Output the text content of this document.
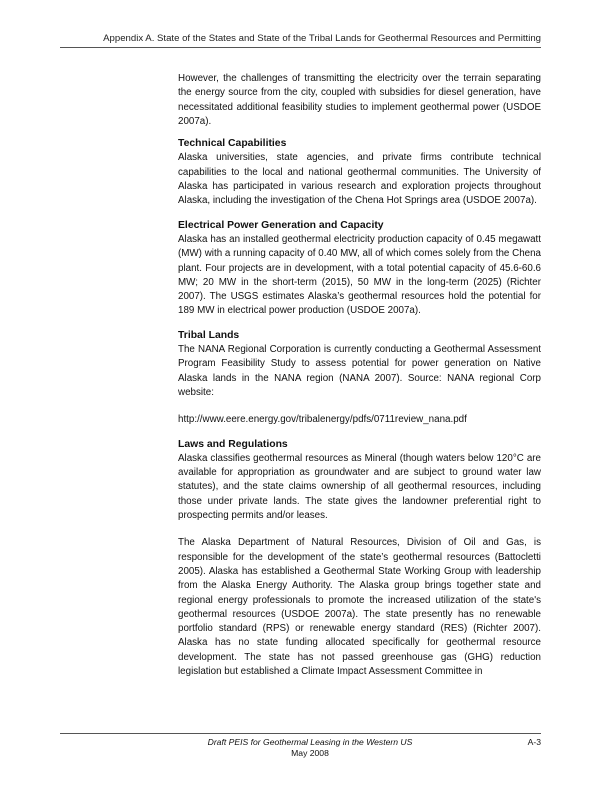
Appendix A. State of the States and State of the Tribal Lands for Geothermal Resources and Permitting

However, the challenges of transmitting the electricity over the terrain separating the energy source from the city, coupled with subsidies for diesel generation, have necessitated additional feasibility studies to implement geothermal power (USDOE 2007a).

Technical Capabilities

Alaska universities, state agencies, and private firms contribute technical capabilities to the local and national geothermal communities. The University of Alaska has participated in various research and exploration projects throughout Alaska, including the investigation of the Chena Hot Springs area (USDOE 2007a).

Electrical Power Generation and Capacity

Alaska has an installed geothermal electricity production capacity of 0.45 megawatt (MW) with a running capacity of 0.40 MW, all of which comes solely from the Chena plant. Four projects are in development, with a total potential capacity of 45.6-60.6 MW; 20 MW in the short-term (2015), 50 MW in the long-term (2025) (Richter 2007). The USGS estimates Alaska’s geothermal resources hold the potential for 189 MW in electrical power production (USDOE 2007a).

Tribal Lands

The NANA Regional Corporation is currently conducting a Geothermal Assessment Program Feasibility Study to assess potential for power generation on Native Alaska lands in the NANA region (NANA 2007). Source: NANA regional Corp website:

http://www.eere.energy.gov/tribalenergy/pdfs/0711review_nana.pdf

Laws and Regulations

Alaska classifies geothermal resources as Mineral (though waters below 120°C are available for appropriation as groundwater and are subject to ground water law statutes), and the state claims ownership of all geothermal resources, including those under private lands. The state gives the landowner preferential right to prospecting permits and/or leases.

The Alaska Department of Natural Resources, Division of Oil and Gas, is responsible for the development of the state’s geothermal resources (Battocletti 2005). Alaska has established a Geothermal State Working Group with leadership from the Alaska Energy Authority. The Alaska group brings together state and regional energy professionals to promote the increased utilization of the state's geothermal resources (USDOE 2007a). The state presently has no renewable portfolio standard (RPS) or renewable energy standard (RES) (Richter 2007). Alaska has no state funding allocated specifically for geothermal resource development. The state has not passed greenhouse gas (GHG) reduction legislation but established a Climate Impact Assessment Committee in

Draft PEIS for Geothermal Leasing in the Western US
May 2008
A-3
